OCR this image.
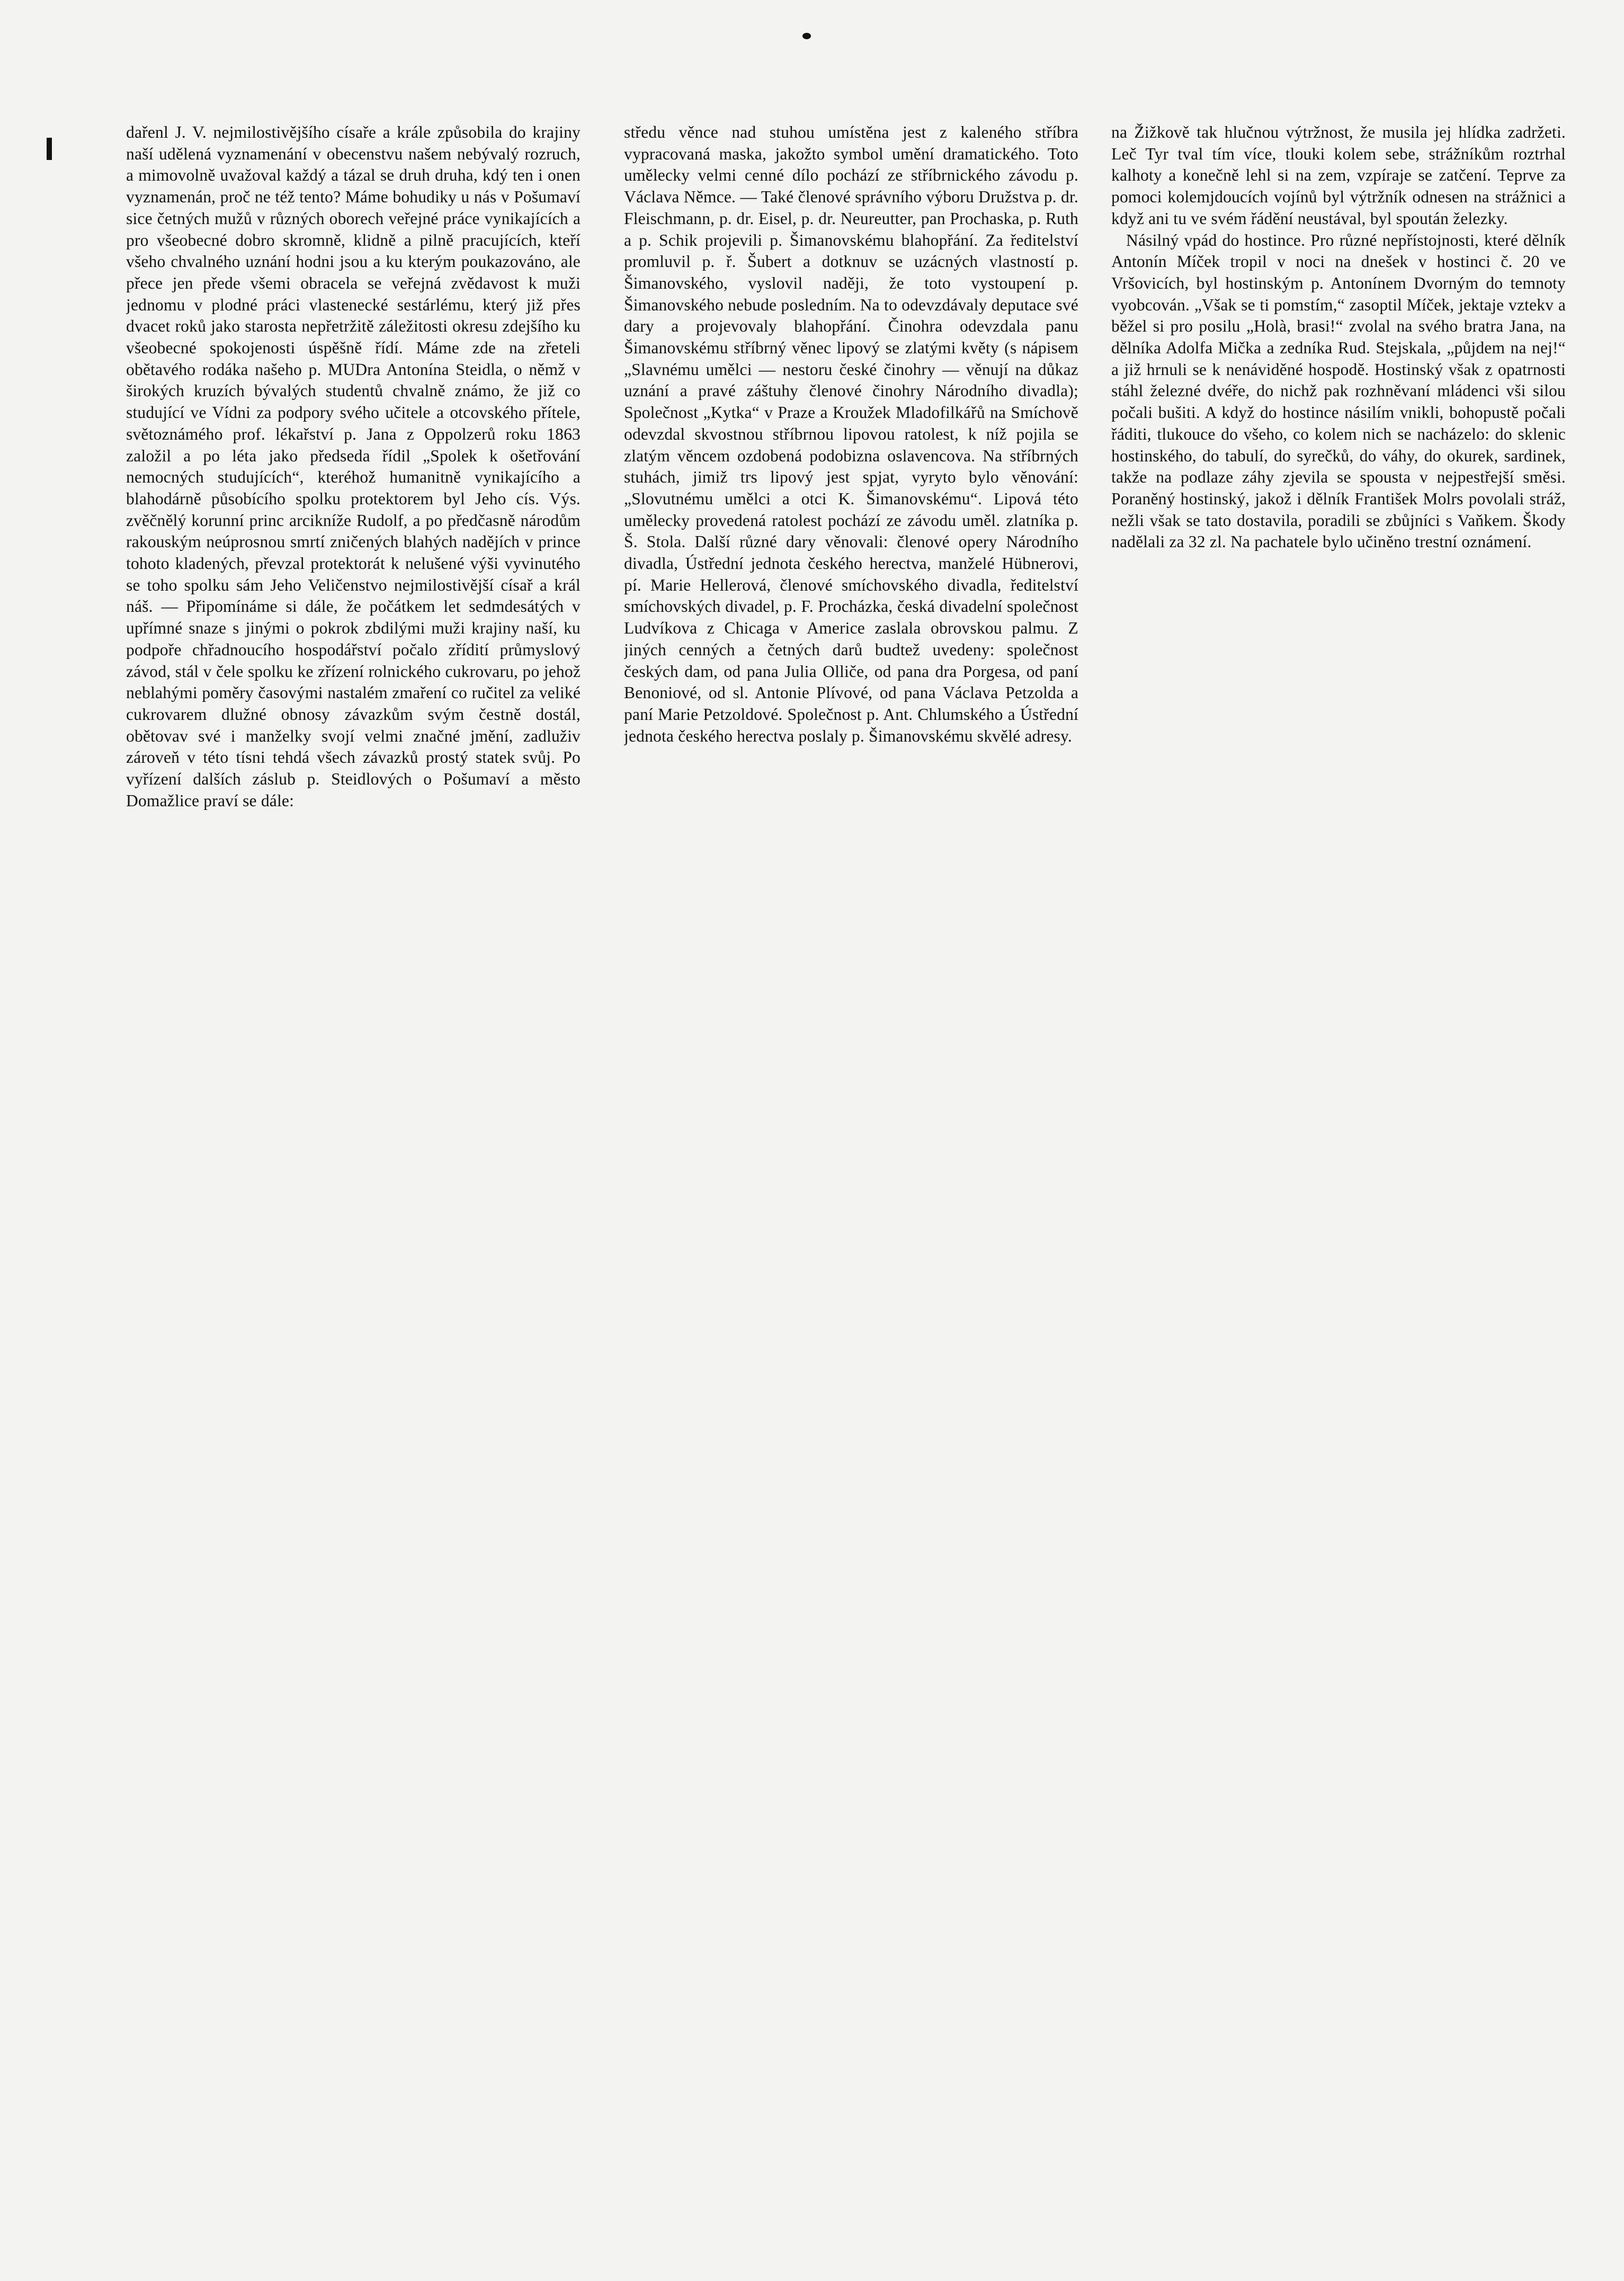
dařenl J. V. nejmilostivějšího císaře a krále způsobila do krajiny naší udělená vyznamenání v obecenstvu našem nebývalý rozruch, a mimovolně uvažoval každý a tázal se druh druha, kdý ten i onen vyznamenán, proč ne též tento? Máme bohudiky u nás v Pošumaví sice četných mužů v různých oborech veřejné práce vynikajících a pro všeobecné dobro skromně, klidně a pilně pracujících, kteří všeho chvalného uznání hodni jsou a ku kterým poukazováno, ale přece jen přede všemi obracela se veřejná zvědavost k muži jednomu v plodné práci vlastenecké sestárlému, který již přes dvacet roků jako starosta nepřetržitě záležitosti okresu zdejšího ku všeobecné spokojenosti úspěšně řídí. Máme zde na zřeteli obětavého rodáka našeho p. MUDra Antonína Steidla, o němž v širokých kruzích bývalých studentů chvalně známo, že již co studující ve Vídni za podpory svého učitele a otcovského přítele, světoznámého prof. lékařství p. Jana z Oppolzerů roku 1863 založil a po léta jako předseda řídil „Spolek k ošetřování nemocných studujících“, kteréhož humanitně vynikajícího a blahodárně působícího spolku protektorem byl Jeho cís. Výs. zvěčnělý korunní princ arcikníže Rudolf, a po předčasně národům rakouským neúprosnou smrtí zničených blahých nadějích v prince tohoto kladených, převzal protektorát k nelušené výši vyvinutého se toho spolku sám Jeho Veličenstvo nejmilostivější císař a král náš. — Připomínáme si dále, že počátkem let sedmdesátých v upřímné snaze s jinými o pokrok zbdilými muži krajiny naší, ku podpoře chřadnoucího hospodářství počalo zřídití průmyslový závod, stál v čele spolku ke zřízení rolnického cukrovaru, po jehož neblahými poměry časovými nastalém zmaření co ručitel za veliké cukrovarem dlužné obnosy závazkům svým čestně dostál, obětovav své i manželky svojí velmi značné jmění, zadluživ zároveň v této tísni tehdá všech závazků prostý statek svůj. Po vyřízení dalších záslub p. Steidlových o Pošumaví a město Domažlice praví se dále:

středu věnce nad stuhou umístěna jest z kaleného stříbra vypracovaná maska, jakožto symbol umění dramatického. Toto umělecky velmi cenné dílo pochází ze stříbrnického závodu p. Václava Němce. — Také členové správního výboru Družstva p. dr. Fleischmann, p. dr. Eisel, p. dr. Neureutter, pan Prochaska, p. Ruth a p. Schik projevili p. Šimanovskému blahopřání. Za ředitelství promluvil p. ř. Šubert a dotknuv se uzácných vlastností p. Šimanovského, vyslovil naději, že toto vystoupení p. Šimanovského nebude posledním. Na to odevzdávaly deputace své dary a projevovaly blahopřání. Činohra odevzdala panu Šimanovskému stříbrný věnec lipový se zlatými květy (s nápisem „Slavnému umělci — nestoru české činohry — věnují na důkaz uznání a pravé záštuhy členové činohry Národního divadla); Společnost „Kytka“ v Praze a Kroužek Mladofilkářů na Smíchově odevzdal skvostnou stříbrnou lipovou ratolest, k níž pojila se zlatým věncem ozdobená podobizna oslavencova. Na stříbrných stuhách, jimiž trs lipový jest spjat, vyryto bylo věnování: „Slovutnému umělci a otci K. Šimanovskému“. Lipová této umělecky provedená ratolest pochází ze závodu uměl. zlatníka p. Š. Stola. Další různé dary věnovali: členové opery Národního divadla, Ústřední jednota českého herectva, manželé Hübnerovi, pí. Marie Hellerová, členové smíchovského divadla, ředitelství smíchovských divadel, p. F. Procházka, česká divadelní společnost Ludvíkova z Chicaga v Americe zaslala obrovskou palmu. Z jiných cenných a četných darů budtež uvedeny: společnost českých dam, od pana Julia Olliče, od pana dra Porgesa, od paní Benoniové, od sl. Antonie Plívové, od pana Václava Petzolda a paní Marie Petzoldové. Společnost p. Ant. Chlumského a Ústřední jednota českého herectva poslaly p. Šimanovskému skvělé adresy.

na Žižkově tak hlučnou výtržnost, že musila jej hlídka zadržeti. Leč Tyr tval tím více, tlouki kolem sebe, strážníkům roztrhal kalhoty a konečně lehl si na zem, vzpíraje se zatčení. Teprve za pomoci kolemjdoucích vojínů byl výtržník odnesen na strážnici a když ani tu ve svém řádění neustával, byl spoután železky.

Násilný vpád do hostince. Pro různé nepřístojnosti, které dělník Antonín Míček tropil v noci na dnešek v hostinci č. 20 ve Vršovicích, byl hostinským p. Antonínem Dvorným do temnoty vyobcován. „Však se ti pomstím,“ zasoptil Míček, jektaje vztekv a běžel si pro posilu „Holà, brasi!“ zvolal na svého bratra Jana, na dělníka Adolfa Mička a zedníka Rud. Stejskala, „půjdem na nej!“ a již hrnuli se k nenáviděné hospodě. Hostinský však z opatrnosti stáhl železné dvéře, do nichž pak rozhněvaní mládenci vši silou počali bušiti. A když do hostince násilím vnikli, bohopustě počali řáditi, tlukouce do všeho, co kolem nich se nacházelo: do sklenic hostinského, do tabulí, do syrečků, do váhy, do okurek, sardinek, takže na podlaze záhy zjevila se spousta v nejpestřejší směsi. Poraněný hostinský, jakož i dělník František Molrs povolali stráž, nežli však se tato dostavila, poradili se zbůjníci s Vaňkem. Škody nadělali za 32 zl. Na pachatele bylo učiněno trestní oznámení.
